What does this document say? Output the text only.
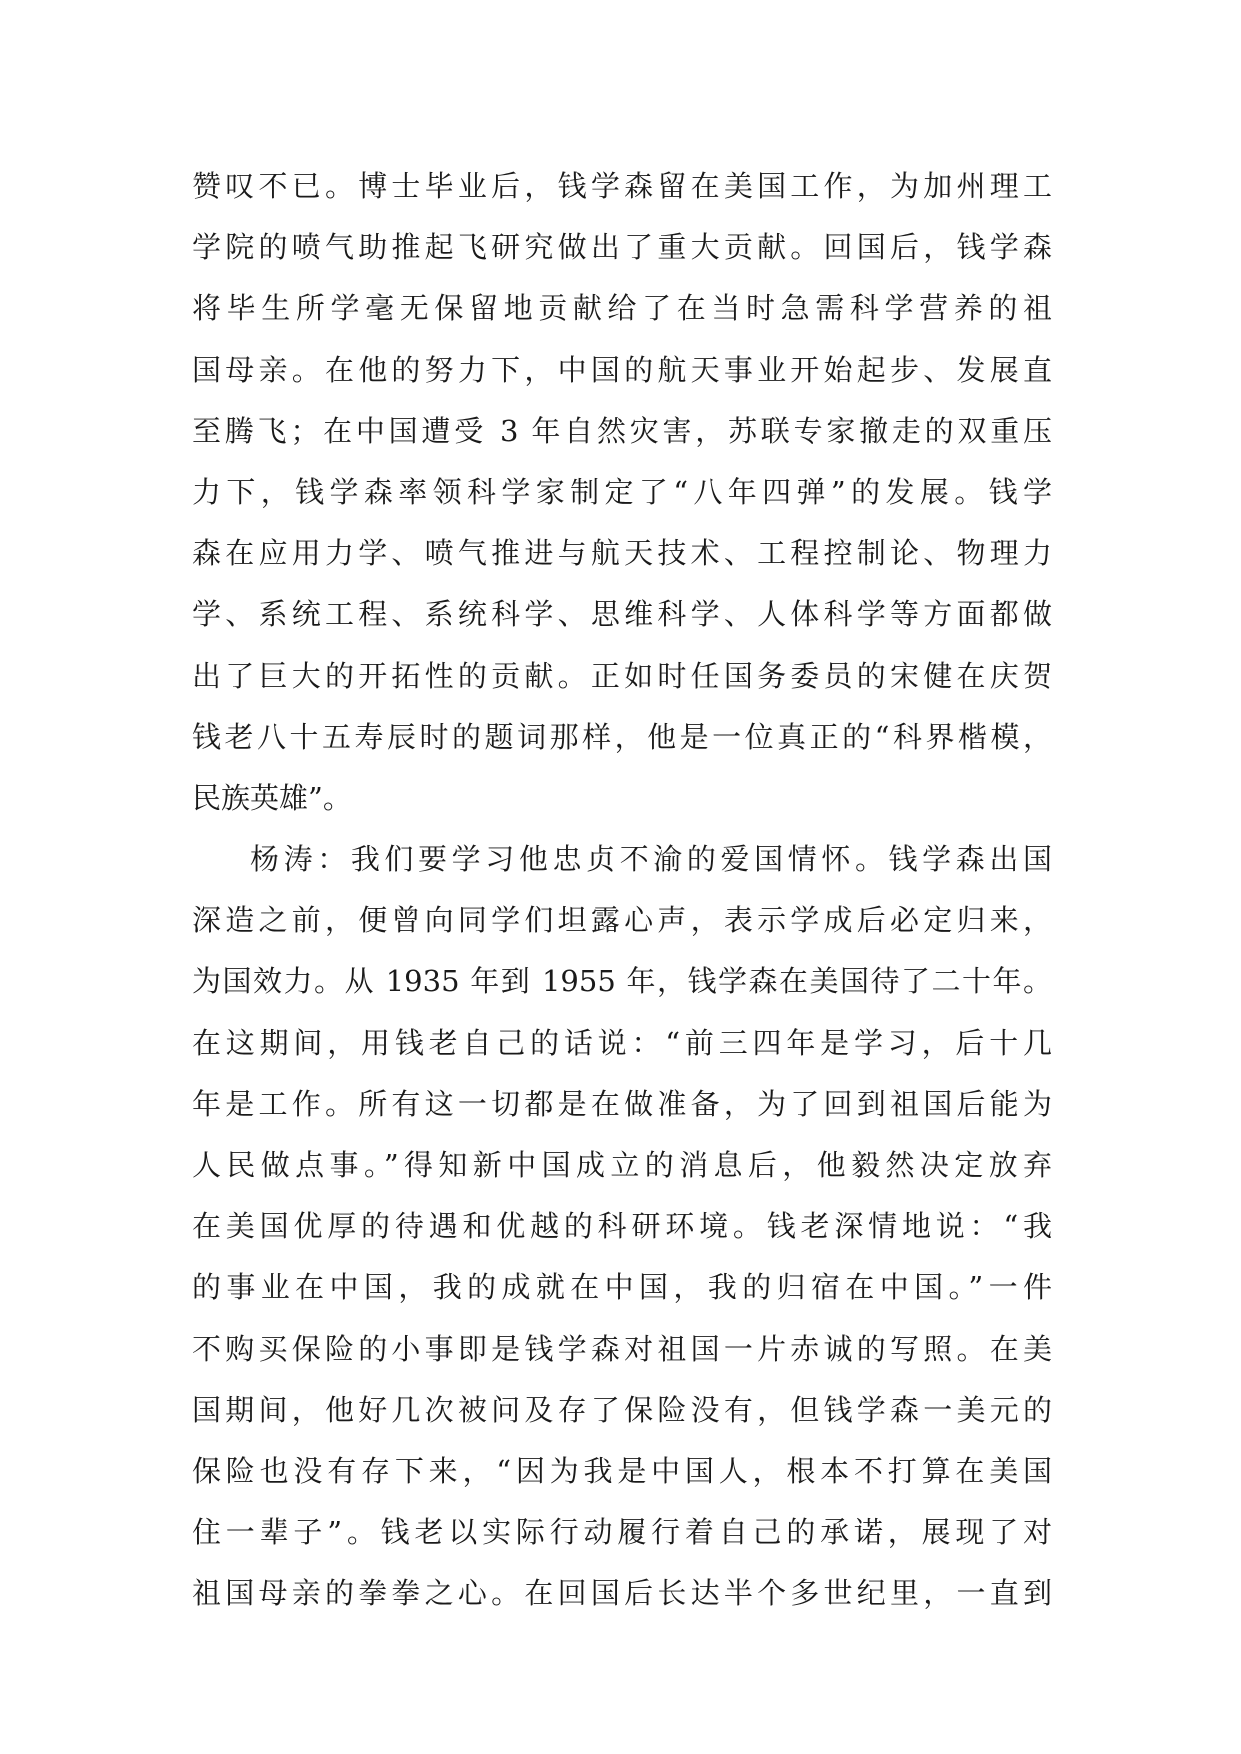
赞叹不已。博士毕业后，钱学森留在美国工作，为加州理工
学院的喷气助推起飞研究做出了重大贡献。回国后，钱学森
将毕生所学毫无保留地贡献给了在当时急需科学营养的祖
国母亲。在他的努力下，中国的航天事业开始起步、发展直
至腾飞；在中国遭受 3 年自然灾害，苏联专家撤走的双重压
力下，钱学森率领科学家制定了“八年四弹”的发展。钱学
森在应用力学、喷气推进与航天技术、工程控制论、物理力
学、系统工程、系统科学、思维科学、人体科学等方面都做
出了巨大的开拓性的贡献。正如时任国务委员的宋健在庆贺
钱老八十五寿辰时的题词那样，他是一位真正的“科界楷模，
民族英雄”。
杨涛：我们要学习他忠贞不渝的爱国情怀。钱学森出国
深造之前，便曾向同学们坦露心声，表示学成后必定归来，
为国效力。从 1935 年到 1955 年，钱学森在美国待了二十年。
在这期间，用钱老自己的话说：“前三四年是学习，后十几
年是工作。所有这一切都是在做准备，为了回到祖国后能为
人民做点事。”得知新中国成立的消息后，他毅然决定放弃
在美国优厚的待遇和优越的科研环境。钱老深情地说：“我
的事业在中国，我的成就在中国，我的归宿在中国。”一件
不购买保险的小事即是钱学森对祖国一片赤诚的写照。在美
国期间，他好几次被问及存了保险没有，但钱学森一美元的
保险也没有存下来，“因为我是中国人，根本不打算在美国
住一辈子”。钱老以实际行动履行着自己的承诺，展现了对
祖国母亲的拳拳之心。在回国后长达半个多世纪里，一直到
